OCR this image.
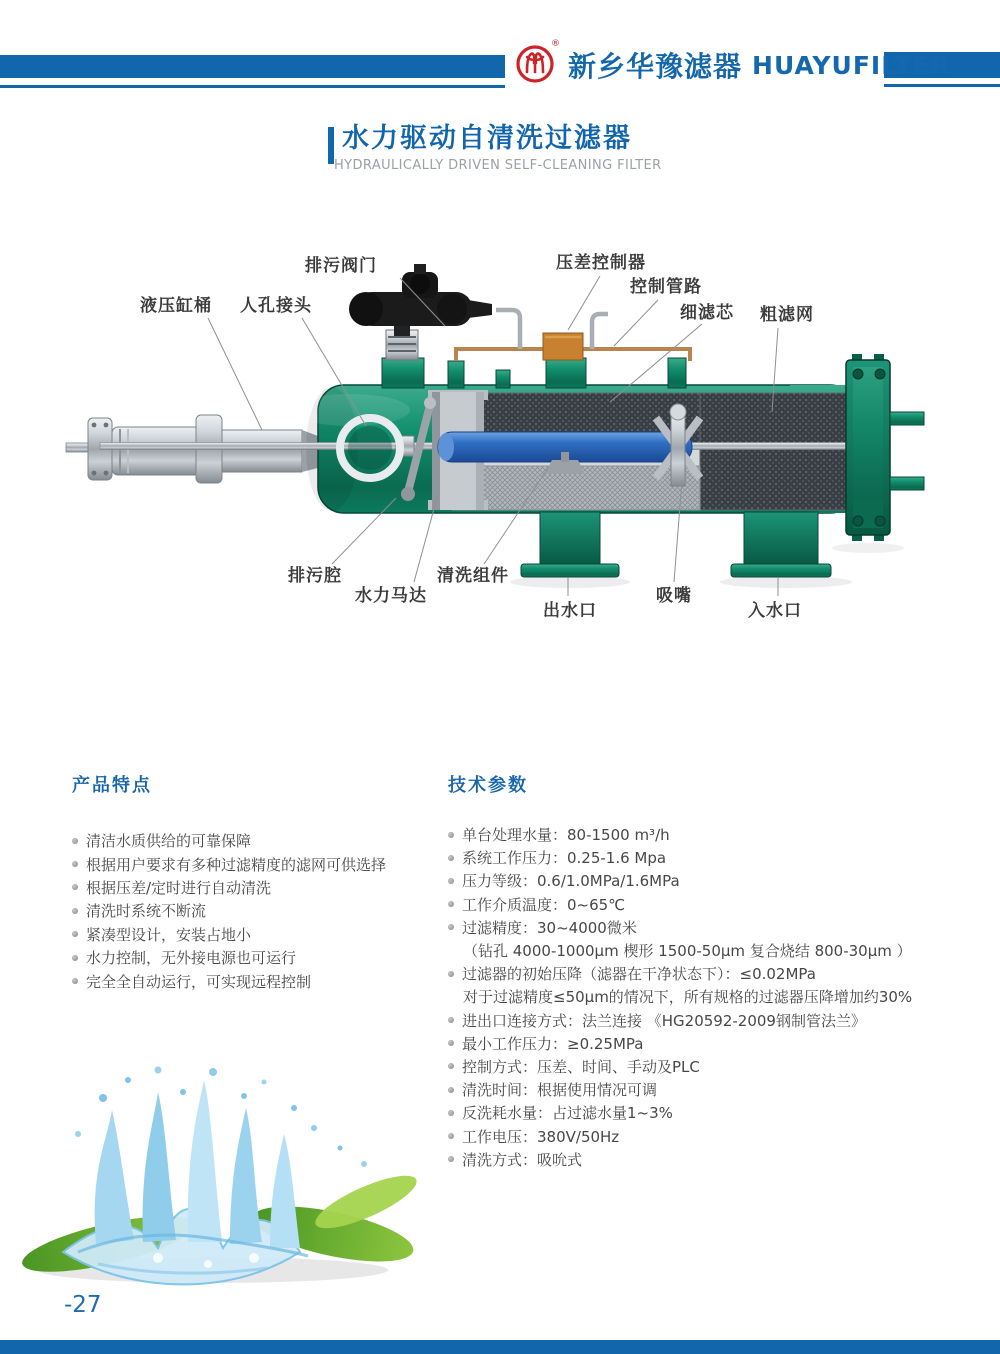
®
新乡华豫滤器 HUAYUFILTER
水力驱动自清洗过滤器
HYDRAULICALLY DRIVEN SELF-CLEANING FILTER
排污阀门	压差控制器
控制管路
细滤芯 粗滤网
液压缸桶 人孔接头
排污腔
水力马达
清洗组件
出水口
吸嘴
入水口
产品特点
清洁水质供给的可靠保障
根据用户要求有多种过滤精度的滤网可供选择
根据压差/定时进行自动清洗
清洗时系统不断流
紧凑型设计，安装占地小
水力控制，无外接电源也可运行
完全全自动运行，可实现远程控制
技术参数
单台处理水量：80-1500 m³/h
系统工作压力：0.25-1.6 Mpa
压力等级：0.6/1.0MPa/1.6MPa
工作介质温度：0~65℃
过滤精度：30~4000微米
（钻孔 4000-1000μm 楔形 1500-50μm 复合烧结 800-30μm ）
过滤器的初始压降（滤器在干净状态下）：≤0.02MPa
对于过滤精度≤50μm的情况下，所有规格的过滤器压降增加约30%
进出口连接方式：法兰连接 《HG20592-2009钢制管法兰》
最小工作压力：≥0.25MPa
控制方式：压差、时间、手动及PLC
清洗时间：根据使用情况可调
反洗耗水量：占过滤水量1~3%
工作电压：380V/50Hz
清洗方式：吸吮式
-27
